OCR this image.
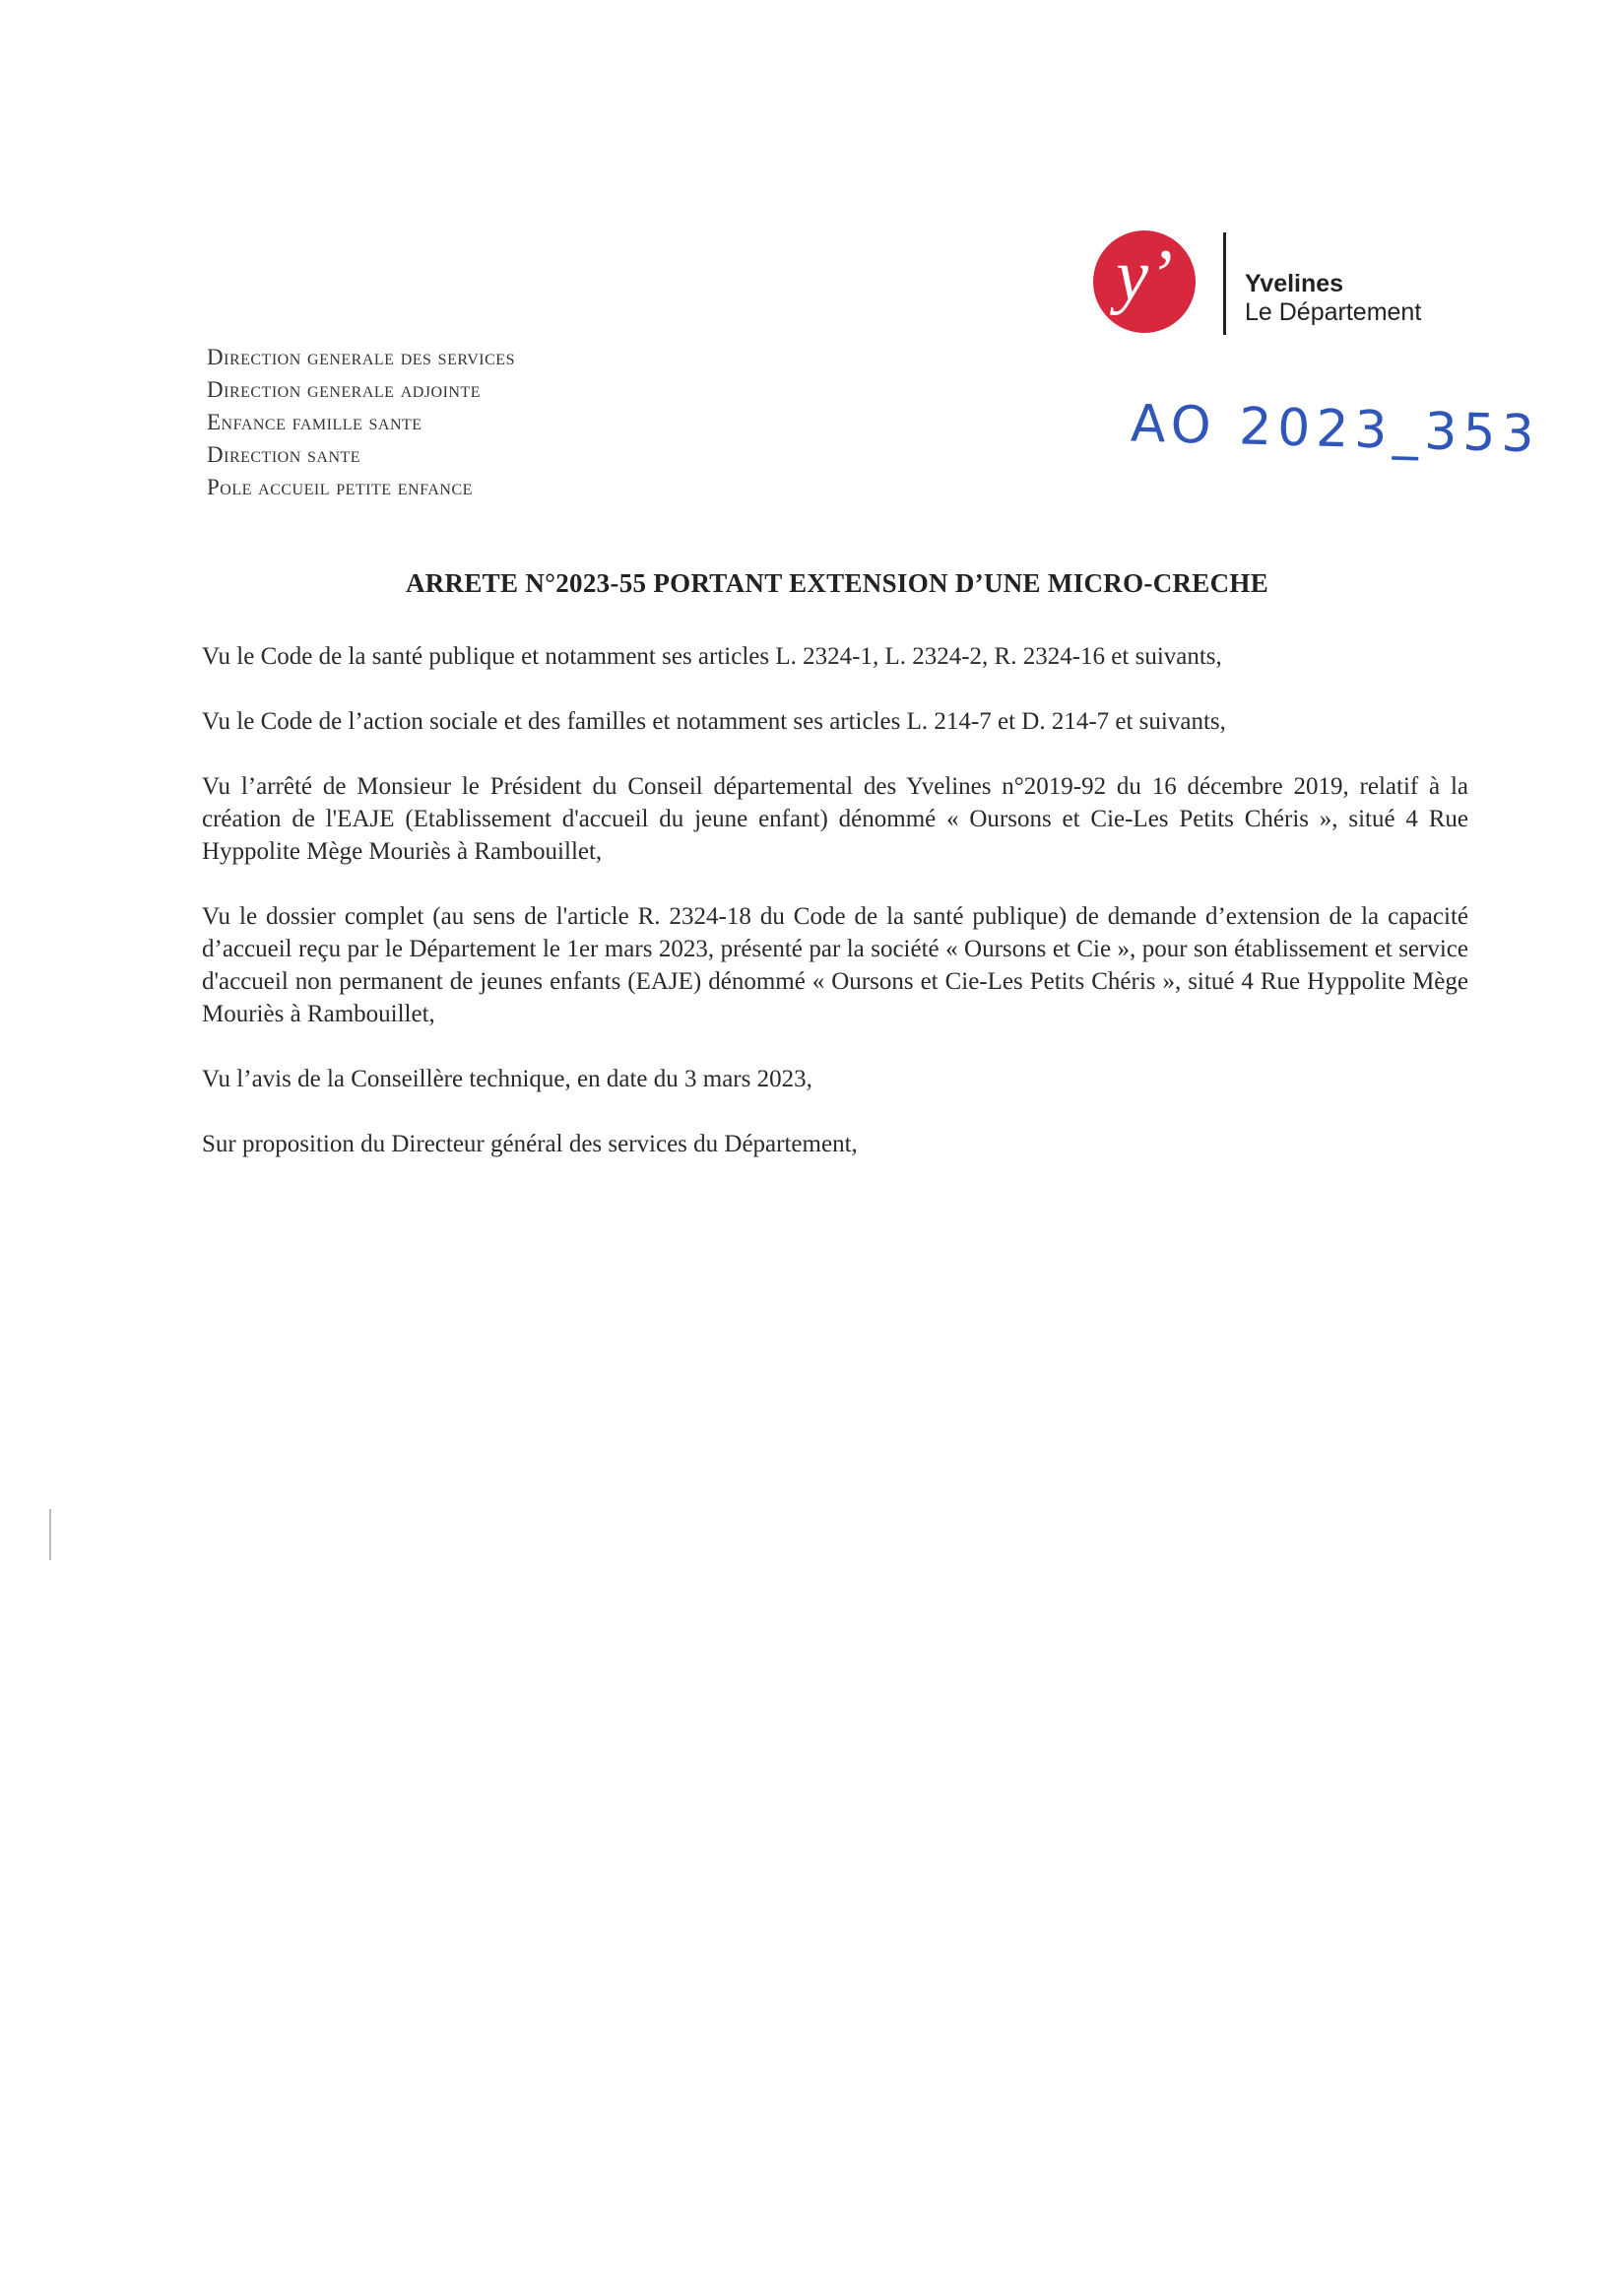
y’	Yvelines
Le Département
AO 2023_353
Direction generale des services
Direction generale adjointe
Enfance famille sante
Direction sante
Pole accueil petite enfance
ARRETE N°2023-55 PORTANT EXTENSION D’UNE MICRO-CRECHE

Vu le Code de la santé publique et notamment ses articles L. 2324-1, L. 2324-2, R. 2324-16 et suivants,

Vu le Code de l’action sociale et des familles et notamment ses articles L. 214-7 et D. 214-7 et suivants,

Vu l’arrêté de Monsieur le Président du Conseil départemental des Yvelines n°2019-92 du 16 décembre 2019, relatif à la création de l'EAJE (Etablissement d'accueil du jeune enfant) dénommé « Oursons et Cie-Les Petits Chéris », situé 4 Rue Hyppolite Mège Mouriès à Rambouillet,

Vu le dossier complet (au sens de l'article R. 2324-18 du Code de la santé publique) de demande d’extension de la capacité d’accueil reçu par le Département le 1er mars 2023, présenté par la société « Oursons et Cie », pour son établissement et service d'accueil non permanent de jeunes enfants (EAJE) dénommé « Oursons et Cie-Les Petits Chéris », situé 4 Rue Hyppolite Mège Mouriès à Rambouillet,

Vu l’avis de la Conseillère technique, en date du 3 mars 2023,

Sur proposition du Directeur général des services du Département,
